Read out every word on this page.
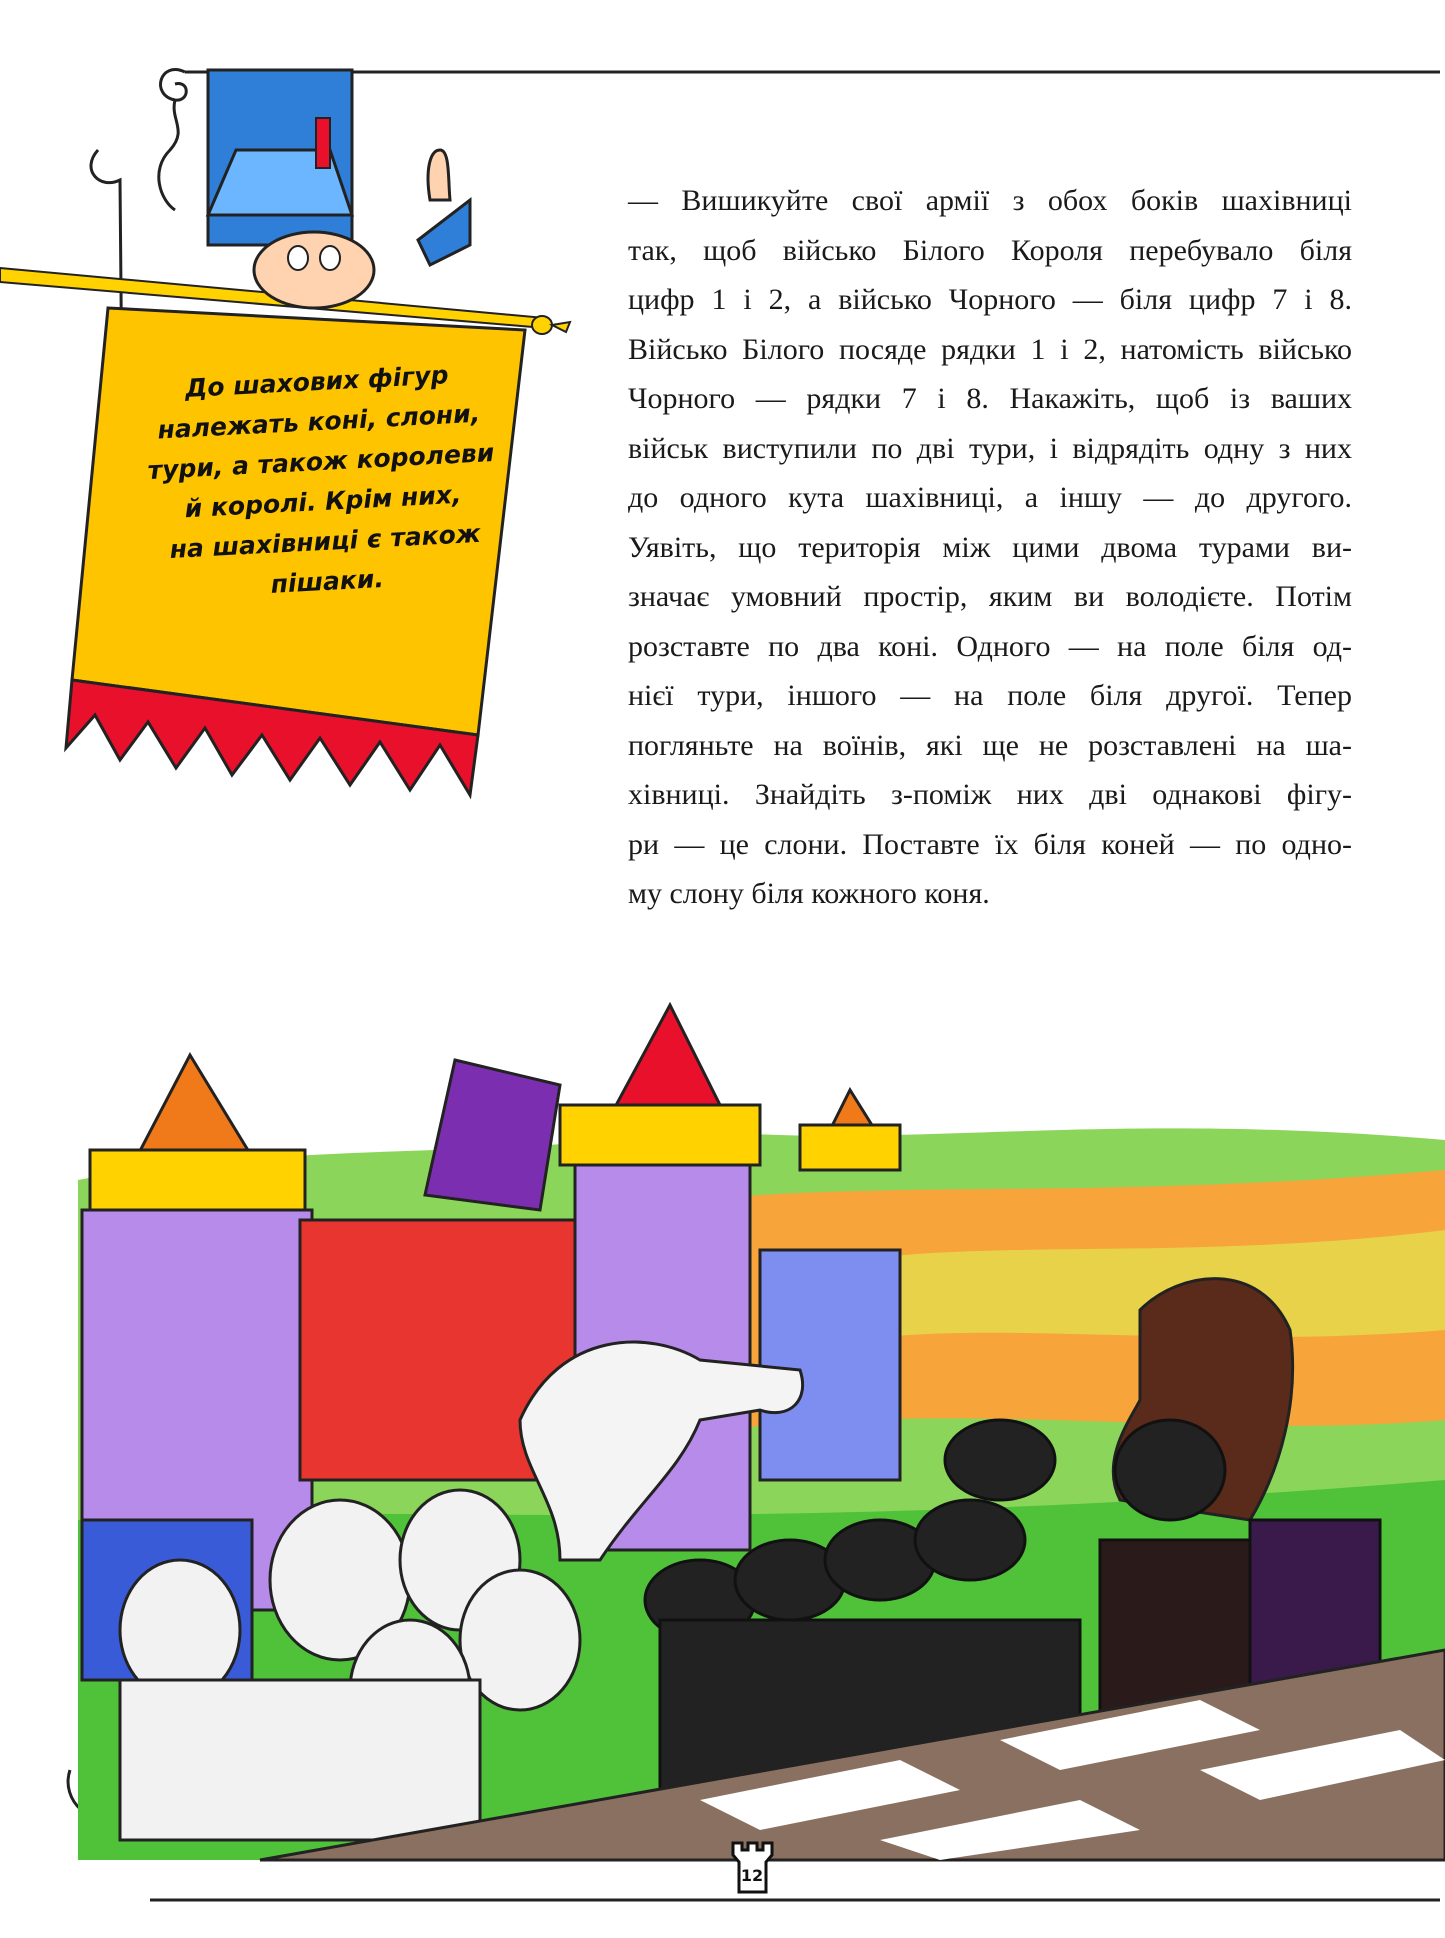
— Вишикуйте свої армії з обох боків шахівниці
так, щоб військо Білого Короля перебувало біля
цифр 1 і 2, а військо Чорного — біля цифр 7 і 8.
Військо Білого посяде рядки 1 і 2, натомість військо
Чорного — рядки 7 і 8. Накажіть, щоб із ваших
військ виступили по дві тури, і відрядіть одну з них
до одного кута шахівниці, а іншу — до другого.
Уявіть, що територія між цими двома турами ви-
значає умовний простір, яким ви володієте. Потім
розставте по два коні. Одного — на поле біля од-
нієї тури, іншого — на поле біля другої. Тепер
погляньте на воїнів, які ще не розставлені на ша-
хівниці. Знайдіть з-поміж них дві однакові фігу-
ри — це слони. Поставте їх біля коней — по одно-
му слону біля кожного коня.
До шахових фігур
належать коні, слони,
тури, а також королеви
й королі. Крім них,
на шахівниці є також
пішаки.
12
